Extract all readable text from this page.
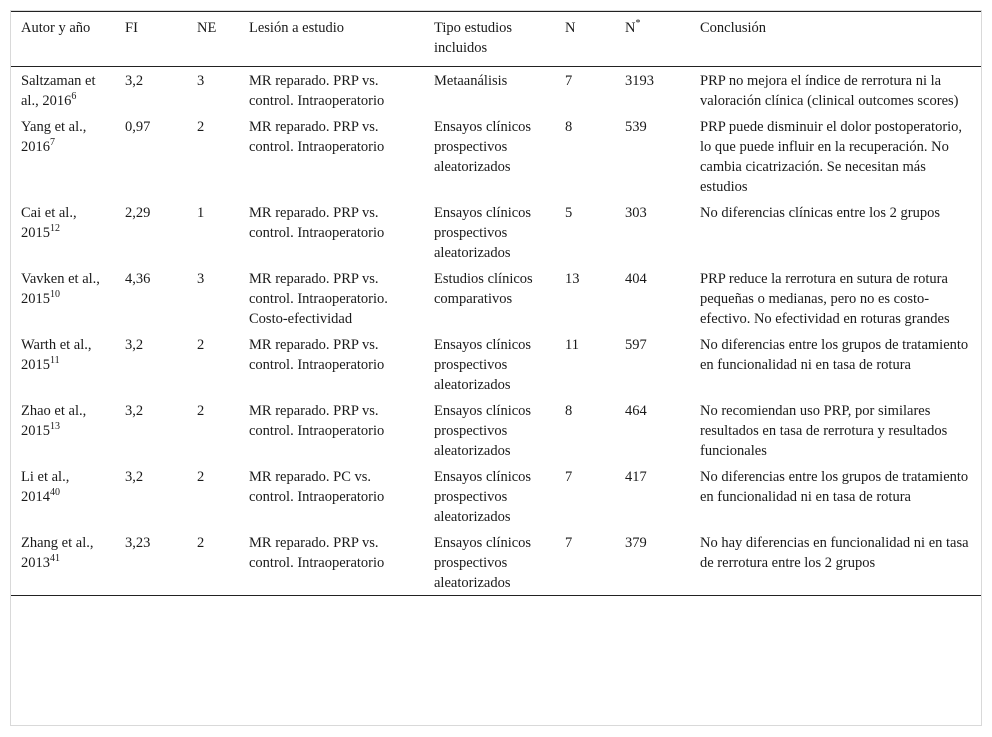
Autor y año	FI	NE	Lesión a estudio	Tipo estudios incluidos	N	N*	Conclusión
Saltzaman et al., 2016$^6$	3,2	3	MR reparado. PRP vs. control. Intraoperatorio	Metaanálisis	7	3193	PRP no mejora el índice de rerrotura ni la valoración clínica (clinical outcomes scores)
Yang et al., 2016$^7$	0,97	2	MR reparado. PRP vs. control. Intraoperatorio	Ensayos clínicos prospectivos aleatorizados	8	539	PRP puede disminuir el dolor postoperatorio, lo que puede influir en la recuperación. No cambia cicatrización. Se necesitan más estudios
Cai et al., 2015$^{12}$	2,29	1	MR reparado. PRP vs. control. Intraoperatorio	Ensayos clínicos prospectivos aleatorizados	5	303	No diferencias clínicas entre los 2 grupos
Vavken et al., 2015$^{10}$	4,36	3	MR reparado. PRP vs. control. Intraoperatorio. Costo-efectividad	Estudios clínicos comparativos	13	404	PRP reduce la rerrotura en sutura de rotura pequeñas o medianas, pero no es costo-efectivo. No efectividad en roturas grandes
Warth et al., 2015$^{11}$	3,2	2	MR reparado. PRP vs. control. Intraoperatorio	Ensayos clínicos prospectivos aleatorizados	11	597	No diferencias entre los grupos de tratamiento en funcionalidad ni en tasa de rotura
Zhao et al., 2015$^{13}$	3,2	2	MR reparado. PRP vs. control. Intraoperatorio	Ensayos clínicos prospectivos aleatorizados	8	464	No recomiendan uso PRP, por similares resultados en tasa de rerrotura y resultados funcionales
Li et al., 2014$^{40}$	3,2	2	MR reparado. PC vs. control. Intraoperatorio	Ensayos clínicos prospectivos aleatorizados	7	417	No diferencias entre los grupos de tratamiento en funcionalidad ni en tasa de rotura
Zhang et al., 2013$^{41}$	3,23	2	MR reparado. PRP vs. control. Intraoperatorio	Ensayos clínicos prospectivos aleatorizados	7	379	No hay diferencias en funcionalidad ni en tasa de rerrotura entre los 2 grupos
